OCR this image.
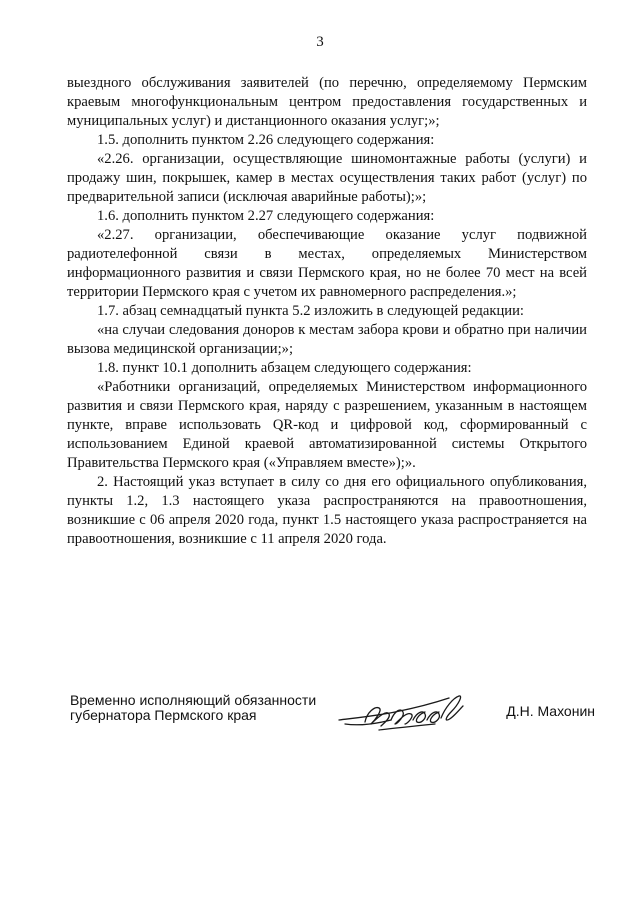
3

выездного обслуживания заявителей (по перечню, определяемому Пермским краевым многофункциональным центром предоставления государственных и муниципальных услуг) и дистанционного оказания услуг;»;

1.5. дополнить пунктом 2.26 следующего содержания:

«2.26. организации, осуществляющие шиномонтажные работы (услуги) и продажу шин, покрышек, камер в местах осуществления таких работ (услуг) по предварительной записи (исключая аварийные работы);»;

1.6. дополнить пунктом 2.27 следующего содержания:

«2.27. организации, обеспечивающие оказание услуг подвижной радиотелефонной связи в местах, определяемых Министерством информационного развития и связи Пермского края, но не более 70 мест на всей территории Пермского края с учетом их равномерного распределения.»;

1.7. абзац семнадцатый пункта 5.2 изложить в следующей редакции:

«на случаи следования доноров к местам забора крови и обратно при наличии вызова медицинской организации;»;

1.8. пункт 10.1 дополнить абзацем следующего содержания:

«Работники организаций, определяемых Министерством информационного развития и связи Пермского края, наряду с разрешением, указанным в настоящем пункте, вправе использовать QR-код и цифровой код, сформированный с использованием Единой краевой автоматизированной системы Открытого Правительства Пермского края («Управляем вместе»);».

2. Настоящий указ вступает в силу со дня его официального опубликования, пункты 1.2, 1.3 настоящего указа распространяются на правоотношения, возникшие с 06 апреля 2020 года, пункт 1.5 настоящего указа распространяется на правоотношения, возникшие с 11 апреля 2020 года.

Временно исполняющий обязанности
губернатора Пермского края	Д.Н. Махонин
